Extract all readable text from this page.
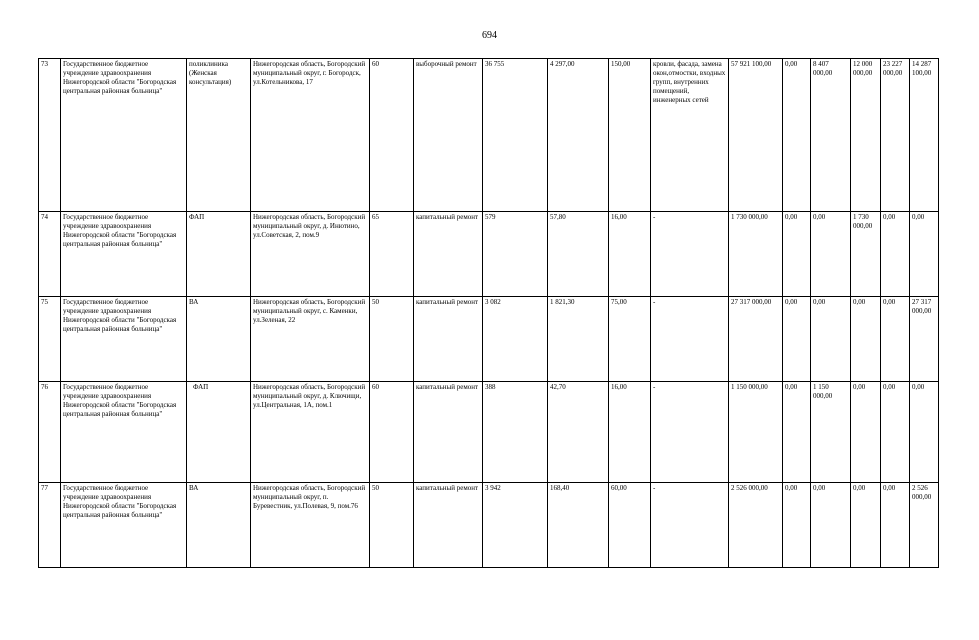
694
73	Государственное бюджетное учреждение здравоохранения Нижегородской области "Богородская центральная районная больница"	поликлиника (Женская консультация)	Нижегородская область, Богородский муниципальный округ, г. Богородск, ул.Котельникова, 17	60	выборочный ремонт	36 755	4 297,00	150,00	кровли, фасада, замена окон,отмостки, входных групп, внутренних помещений, инженерных сетей	57 921 100,00	0,00	8 407 000,00	12 000 000,00	23 227 000,00	14 287 100,00
74	Государственное бюджетное учреждение здравоохранения Нижегородской области "Богородская центральная районная больница"	ФАП	Нижегородская область, Богородский муниципальный округ, д. Инютино, ул.Советская, 2, пом.9	65	капитальный ремонт	579	57,80	16,00	-	1 730 000,00	0,00	0,00	1 730 000,00	0,00	0,00
75	Государственное бюджетное учреждение здравоохранения Нижегородской области "Богородская центральная районная больница"	ВА	Нижегородская область, Богородский муниципальный округ, с. Каменки, ул.Зеленая, 22	50	капитальный ремонт	3 082	1 821,30	75,00	-	27 317 000,00	0,00	0,00	0,00	0,00	27 317 000,00
76	Государственное бюджетное учреждение здравоохранения Нижегородской области "Богородская центральная районная больница"	ФАП	Нижегородская область, Богородский муниципальный округ, д. Ключищи, ул.Центральная, 1А, пом.1	60	капитальный ремонт	388	42,70	16,00	-	1 150 000,00	0,00	1 150 000,00	0,00	0,00	0,00
77	Государственное бюджетное учреждение здравоохранения Нижегородской области "Богородская центральная районная больница"	ВА	Нижегородская область, Богородский муниципальный округ, п. Буревестник, ул.Полевая, 9, пом.76	50	капитальный ремонт	3 942	168,40	60,00	-	2 526 000,00	0,00	0,00	0,00	0,00	2 526 000,00
